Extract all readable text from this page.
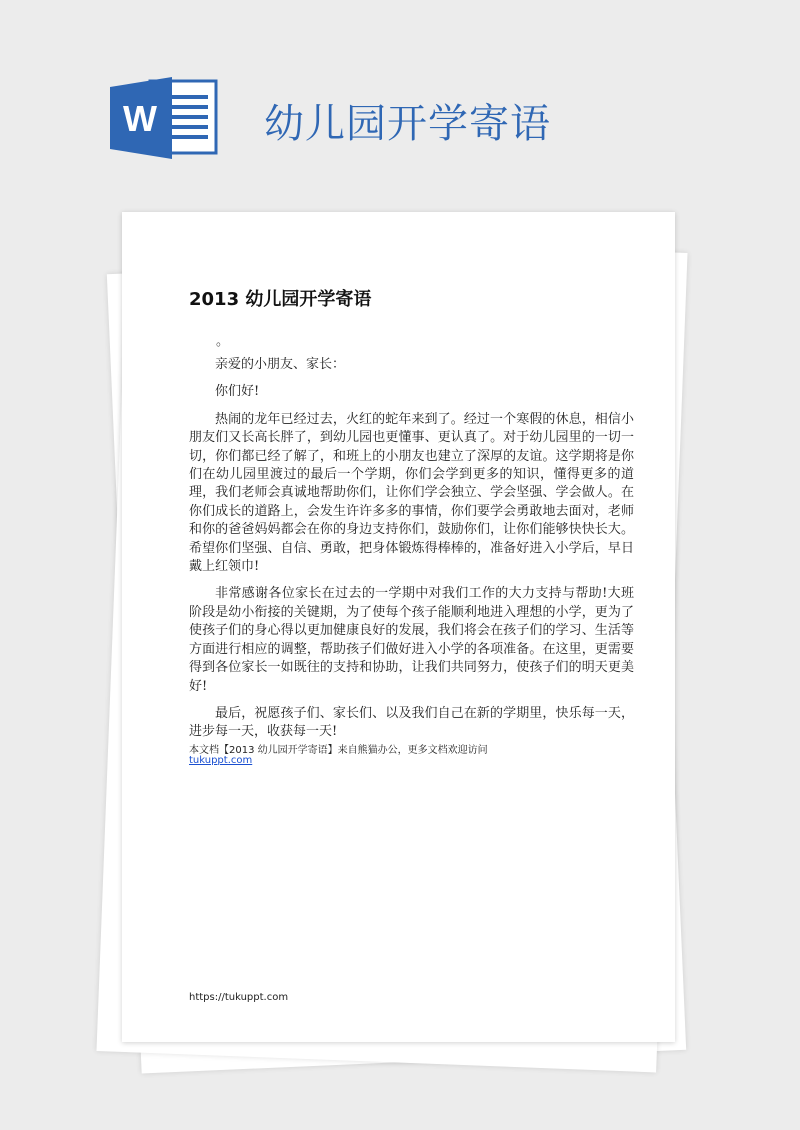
W	幼儿园开学寄语
2013 幼儿园开学寄语
。

亲爱的小朋友、家长：

你们好!

热闹的龙年已经过去，火红的蛇年来到了。经过一个寒假的休息，相信小朋友们又长高长胖了，到幼儿园也更懂事、更认真了。对于幼儿园里的一切一切，你们都已经了解了，和班上的小朋友也建立了深厚的友谊。这学期将是你们在幼儿园里渡过的最后一个学期，你们会学到更多的知识，懂得更多的道理，我们老师会真诚地帮助你们，让你们学会独立、学会坚强、学会做人。在你们成长的道路上，会发生许许多多的事情，你们要学会勇敢地去面对，老师和你的爸爸妈妈都会在你的身边支持你们，鼓励你们，让你们能够快快长大。希望你们坚强、自信、勇敢，把身体锻炼得棒棒的，准备好进入小学后，早日戴上红领巾!

非常感谢各位家长在过去的一学期中对我们工作的大力支持与帮助!大班阶段是幼小衔接的关键期，为了使每个孩子能顺利地进入理想的小学，更为了使孩子们的身心得以更加健康良好的发展，我们将会在孩子们的学习、生活等方面进行相应的调整，帮助孩子们做好进入小学的各项准备。在这里，更需要得到各位家长一如既往的支持和协助，让我们共同努力，使孩子们的明天更美好!

最后，祝愿孩子们、家长们、以及我们自己在新的学期里，快乐每一天，进步每一天，收获每一天!

本文档【2013 幼儿园开学寄语】来自熊猫办公，更多文档欢迎访问
tukuppt.com
https://tukuppt.com
